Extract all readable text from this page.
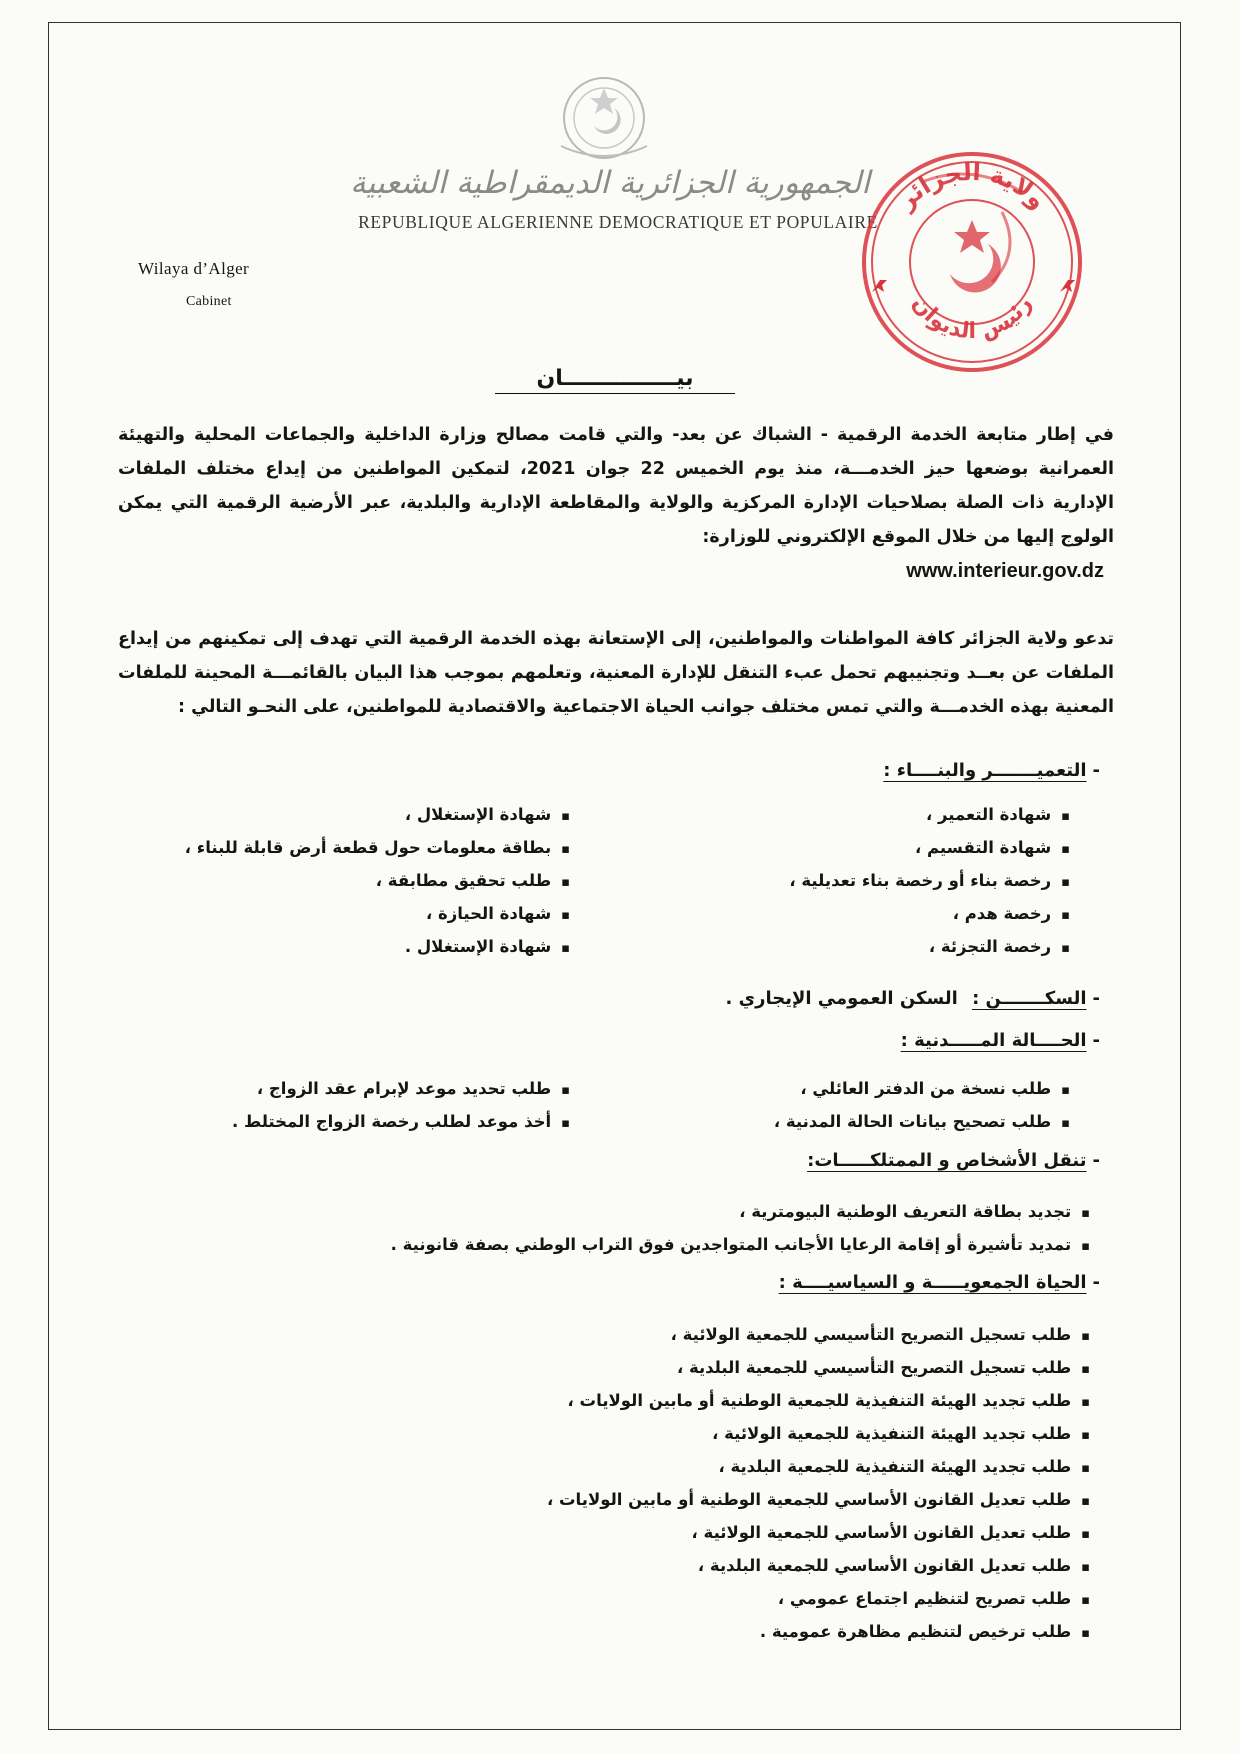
الجمهورية الجزائرية الديمقراطية الشعبية
REPUBLIQUE ALGERIENNE DEMOCRATIQUE ET POPULAIRE
Wilaya d’Alger
Cabinet
ولاية الجزائر
رئيس الديوان
بيـــــــــــــــان
في إطار متابعة الخدمة الرقمية - الشباك عن بعد- والتي قامت مصالح وزارة الداخلية والجماعات المحلية والتهيئة العمرانية بوضعها حيز الخدمـــة، منذ يوم الخميس 22 جوان 2021، لتمكين المواطنين من إيداع مختلف الملفات الإدارية ذات الصلة بصلاحيات الإدارة المركزية والولاية والمقاطعة الإدارية والبلدية، عبر الأرضية الرقمية التي يمكن الولوج إليها من خلال الموقع الإلكتروني للوزارة:
www.interieur.gov.dz
تدعو ولاية الجزائر كافة المواطنات والمواطنين، إلى الإستعانة بهذه الخدمة الرقمية التي تهدف إلى تمكينهم من إيداع الملفات عن بعــد وتجنيبهم تحمل عبء التنقل للإدارة المعنية، وتعلمهم بموجب هذا البيان بالقائمـــة المحينة للملفات المعنية بهذه الخدمـــة والتي تمس مختلف جوانب الحياة الاجتماعية والاقتصادية للمواطنين، على النحـو التالي :
-التعميـــــــر والبنــــاء :
▪ شهادة التعمير ،
▪ شهادة التقسيم ،
▪ رخصة بناء أو رخصة بناء تعديلية ،
▪ رخصة هدم ،
▪ رخصة التجزئة ،
▪ شهادة الإستغلال ،
▪ بطاقة معلومات حول قطعة أرض قابلة للبناء ،
▪ طلب تحقيق مطابقة ،
▪ شهادة الحيازة ،
▪ شهادة الإستغلال .
-السكـــــــن : السكن العمومي الإيجاري .
-الحــــالة المـــــدنية :
▪ طلب نسخة من الدفتر العائلي ،
▪ طلب تصحيح بيانات الحالة المدنية ،
▪ طلب تحديد موعد لإبرام عقد الزواج ،
▪ أخذ موعد لطلب رخصة الزواج المختلط .
-تنقل الأشخاص و الممتلكـــــات:
▪ تجديد بطاقة التعريف الوطنية البيومترية ،
▪ تمديد تأشيرة أو إقامة الرعايا الأجانب المتواجدين فوق التراب الوطني بصفة قانونية .
-الحياة الجمعويـــــة و السياسيــــة :
▪ طلب تسجيل التصريح التأسيسي للجمعية الولائية ،
▪ طلب تسجيل التصريح التأسيسي للجمعية البلدية ،
▪ طلب تجديد الهيئة التنفيذية للجمعية الوطنية أو مابين الولايات ،
▪ طلب تجديد الهيئة التنفيذية للجمعية الولائية ،
▪ طلب تجديد الهيئة التنفيذية للجمعية البلدية ،
▪ طلب تعديل القانون الأساسي للجمعية الوطنية أو مابين الولايات ،
▪ طلب تعديل القانون الأساسي للجمعية الولائية ،
▪ طلب تعديل القانون الأساسي للجمعية البلدية ،
▪ طلب تصريح لتنظيم اجتماع عمومي ،
▪ طلب ترخيص لتنظيم مظاهرة عمومية .
